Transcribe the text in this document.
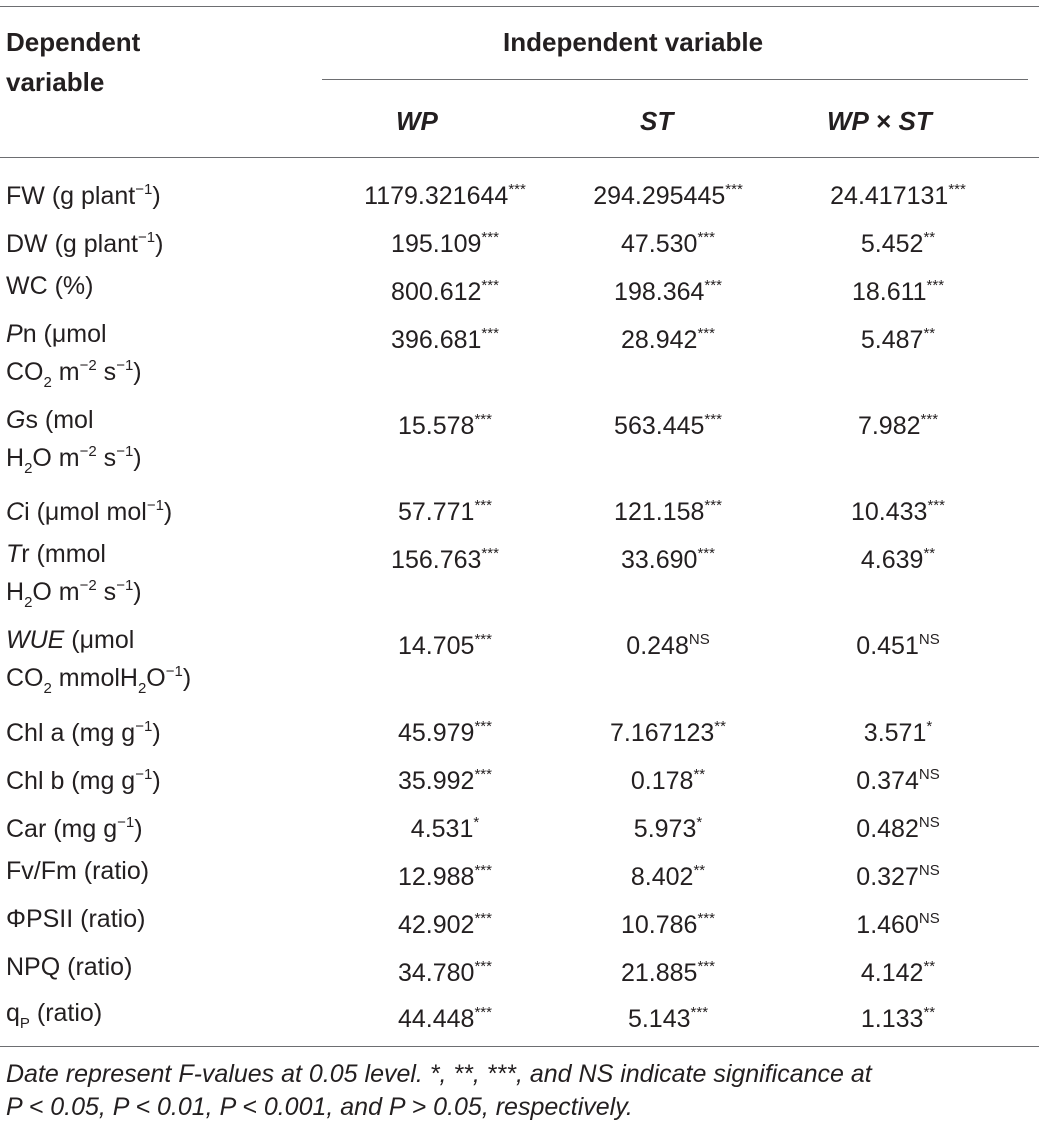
Dependent
variable
Independent variable
WP	ST	WP × ST
FW (g plant$^{-1}$)	1179.321644***	294.295445***	24.417131***
DW (g plant$^{-1}$)	195.109***	47.530***	5.452**
WC (%)	800.612***	198.364***	18.611***
Pn (μmol
$CO_2$ $m^{-2}$ $s^{-1}$)
396.681***	28.942***	5.487**
Gs (mol
$H_2O$ $m^{-2}$ $s^{-1}$)
15.578***	563.445***	7.982***
Ci (μmol mol$^{-1}$)	57.771***	121.158***	10.433***
Tr (mmol
$H_2O$ $m^{-2}$ $s^{-1}$)
156.763***	33.690***	4.639**
WUE (μmol
$CO_2$ $mmolH_2O^{-1}$)
14.705***	$0.248^{NS}$	$0.451^{NS}$
Chl a (mg $g^{-1}$)	45.979***	7.167123**	3.571*
Chl b (mg $g^{-1}$)	35.992***	0.178**	$0.374^{NS}$
Car (mg $g^{-1}$)	4.531*	5.973*	$0.482^{NS}$
Fv/Fm (ratio)	12.988***	8.402**	$0.327^{NS}$
ΦPSII (ratio)	42.902***	10.786***	$1.460^{NS}$
NPQ (ratio)	34.780***	21.885***	4.142**
$q_P$ (ratio)	44.448***	5.143***	1.133**
Date represent F-values at 0.05 level. *, **, ***, and NS indicate significance at
P < 0.05, P < 0.01, P < 0.001, and P > 0.05, respectively.
